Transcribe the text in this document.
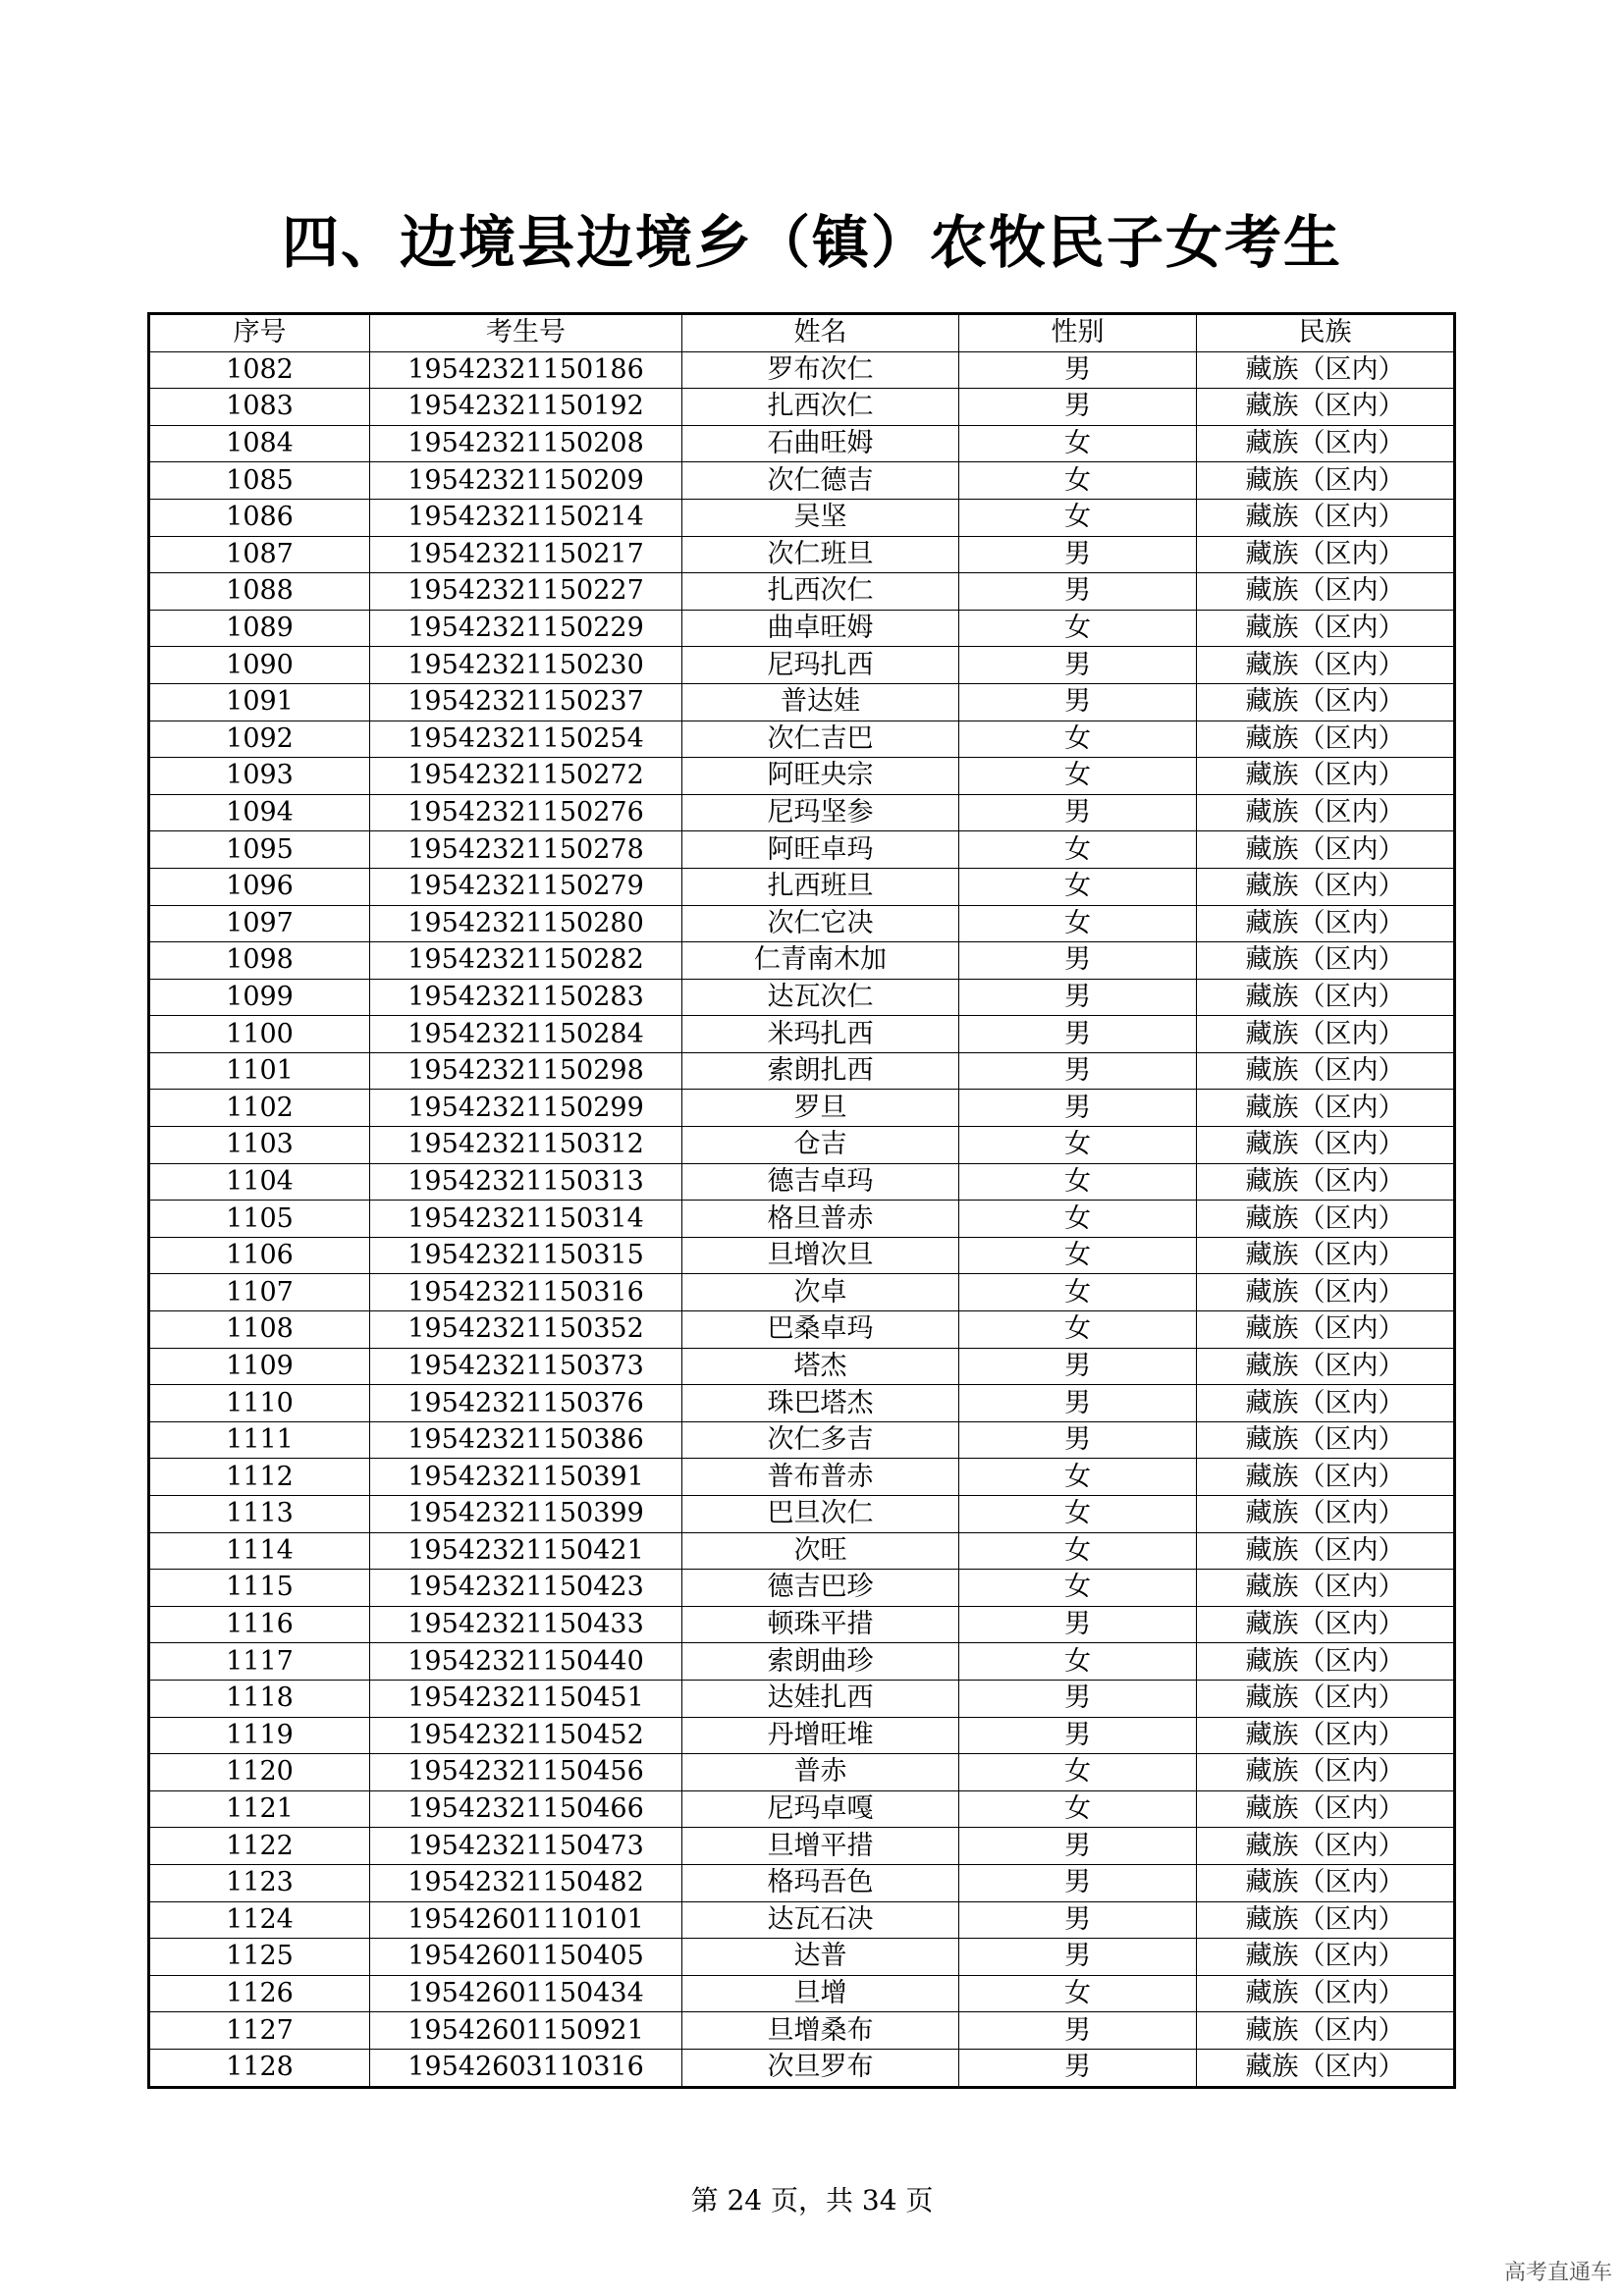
四、边境县边境乡（镇）农牧民子女考生
序号	考生号	姓名	性别	民族
1082	19542321150186	罗布次仁	男	藏族（区内）
1083	19542321150192	扎西次仁	男	藏族（区内）
1084	19542321150208	石曲旺姆	女	藏族（区内）
1085	19542321150209	次仁德吉	女	藏族（区内）
1086	19542321150214	吴坚	女	藏族（区内）
1087	19542321150217	次仁班旦	男	藏族（区内）
1088	19542321150227	扎西次仁	男	藏族（区内）
1089	19542321150229	曲卓旺姆	女	藏族（区内）
1090	19542321150230	尼玛扎西	男	藏族（区内）
1091	19542321150237	普达娃	男	藏族（区内）
1092	19542321150254	次仁吉巴	女	藏族（区内）
1093	19542321150272	阿旺央宗	女	藏族（区内）
1094	19542321150276	尼玛坚参	男	藏族（区内）
1095	19542321150278	阿旺卓玛	女	藏族（区内）
1096	19542321150279	扎西班旦	女	藏族（区内）
1097	19542321150280	次仁它决	女	藏族（区内）
1098	19542321150282	仁青南木加	男	藏族（区内）
1099	19542321150283	达瓦次仁	男	藏族（区内）
1100	19542321150284	米玛扎西	男	藏族（区内）
1101	19542321150298	索朗扎西	男	藏族（区内）
1102	19542321150299	罗旦	男	藏族（区内）
1103	19542321150312	仓吉	女	藏族（区内）
1104	19542321150313	德吉卓玛	女	藏族（区内）
1105	19542321150314	格旦普赤	女	藏族（区内）
1106	19542321150315	旦增次旦	女	藏族（区内）
1107	19542321150316	次卓	女	藏族（区内）
1108	19542321150352	巴桑卓玛	女	藏族（区内）
1109	19542321150373	塔杰	男	藏族（区内）
1110	19542321150376	珠巴塔杰	男	藏族（区内）
1111	19542321150386	次仁多吉	男	藏族（区内）
1112	19542321150391	普布普赤	女	藏族（区内）
1113	19542321150399	巴旦次仁	女	藏族（区内）
1114	19542321150421	次旺	女	藏族（区内）
1115	19542321150423	德吉巴珍	女	藏族（区内）
1116	19542321150433	顿珠平措	男	藏族（区内）
1117	19542321150440	索朗曲珍	女	藏族（区内）
1118	19542321150451	达娃扎西	男	藏族（区内）
1119	19542321150452	丹增旺堆	男	藏族（区内）
1120	19542321150456	普赤	女	藏族（区内）
1121	19542321150466	尼玛卓嘎	女	藏族（区内）
1122	19542321150473	旦增平措	男	藏族（区内）
1123	19542321150482	格玛吾色	男	藏族（区内）
1124	19542601110101	达瓦石决	男	藏族（区内）
1125	19542601150405	达普	男	藏族（区内）
1126	19542601150434	旦增	女	藏族（区内）
1127	19542601150921	旦增桑布	男	藏族（区内）
1128	19542603110316	次旦罗布	男	藏族（区内）
第 24 页，共 34 页
高考直通车
